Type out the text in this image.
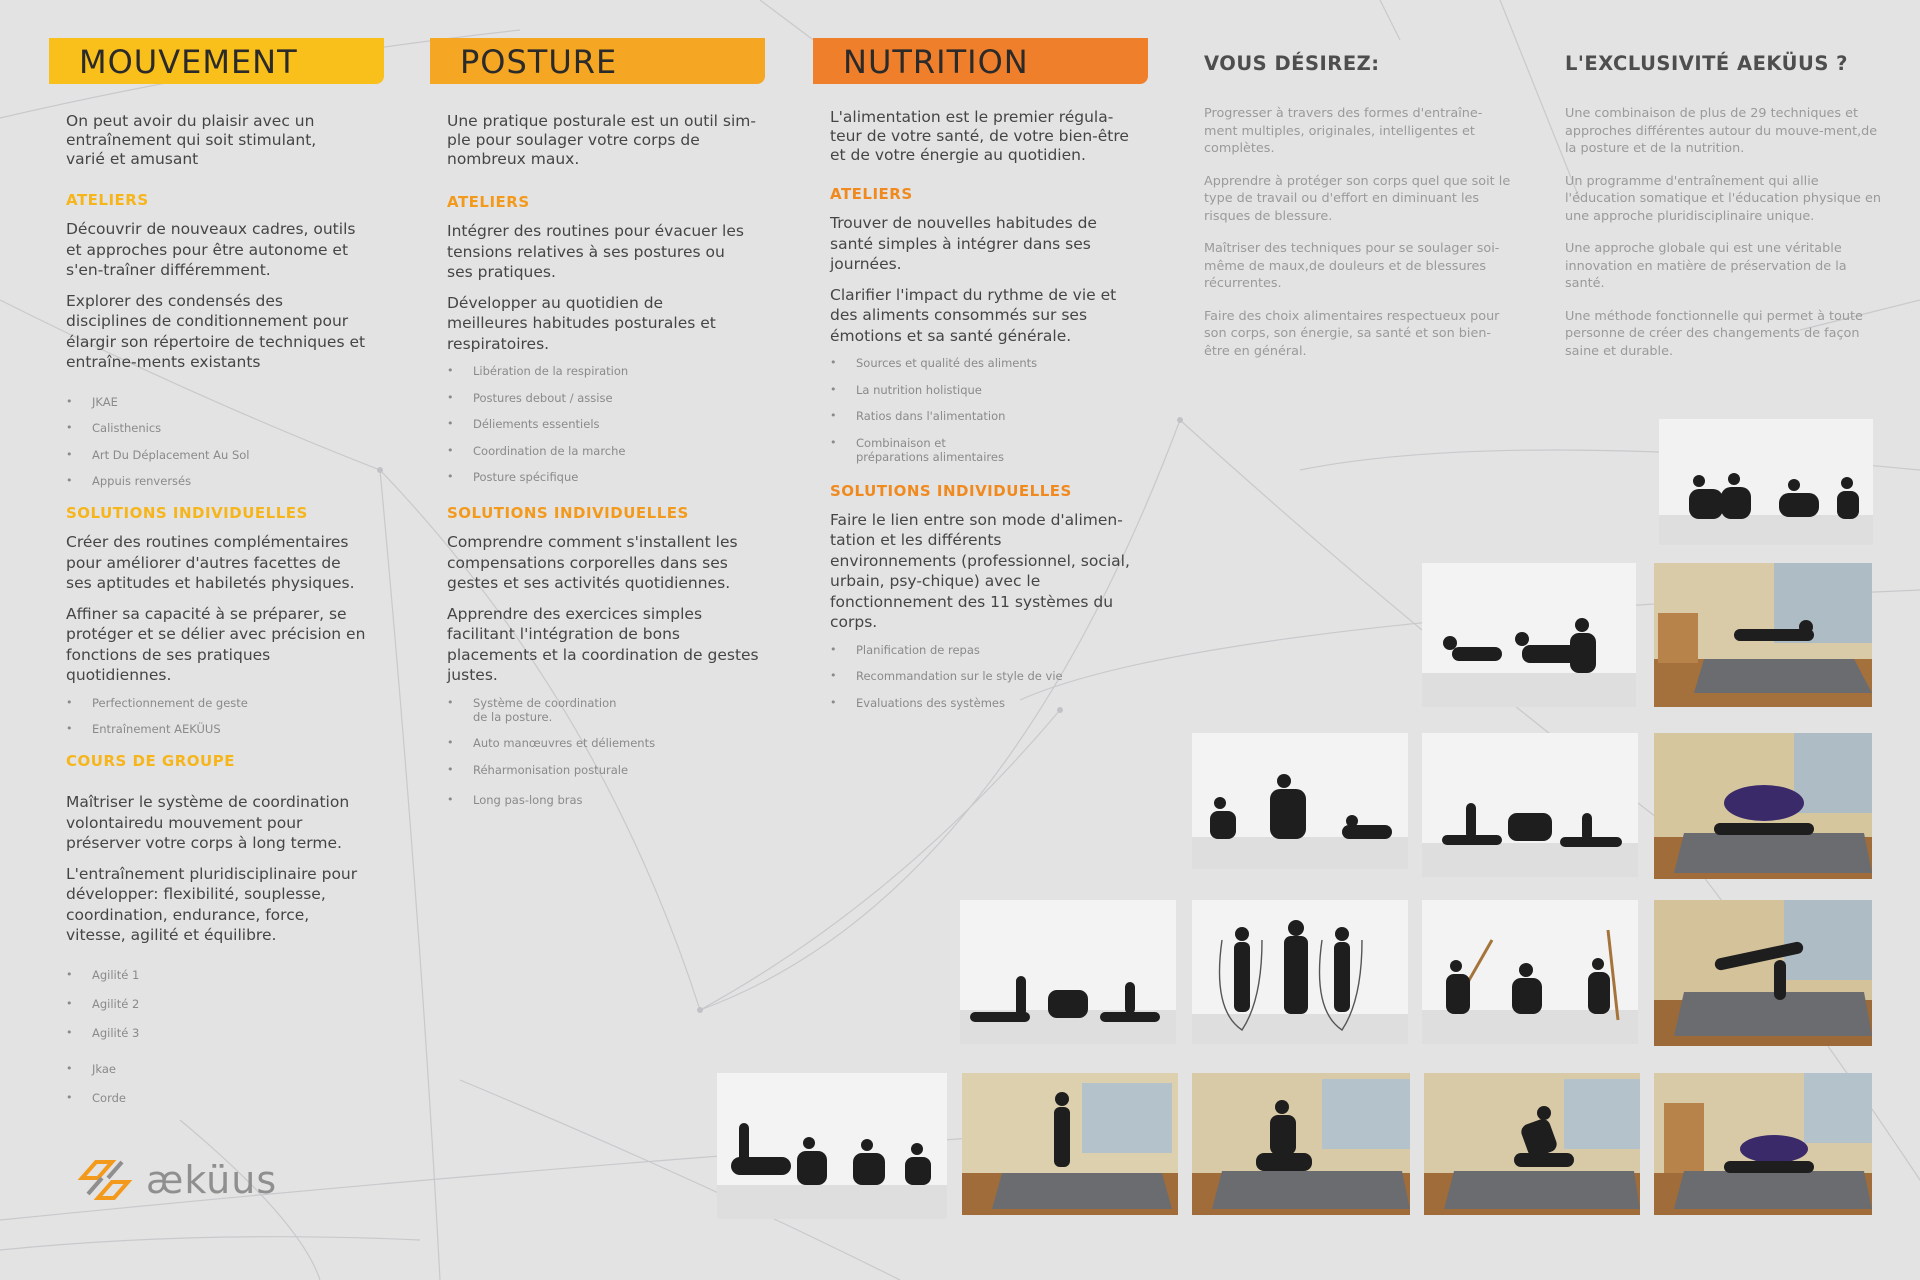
MOUVEMENT
On peut avoir du plaisir avec un entraînement qui soit stimulant, varié et amusant
ATELIERS
Découvrir de nouveaux cadres, outils et approches pour être autonome et s'en-traîner différemment.
Explorer des condensés des disciplines de conditionnement pour élargir son répertoire de techniques et entraîne-ments existants
• JKAE
• Calisthenics
• Art Du Déplacement Au Sol
• Appuis renversés
SOLUTIONS INDIVIDUELLES
Créer des routines complémentaires pour améliorer d'autres facettes de ses aptitudes et habiletés physiques.
Affiner sa capacité à se préparer, se protéger et se délier avec précision en fonctions de ses pratiques quotidiennes.
• Perfectionnement de geste
• Entraînement AEKÜUS
COURS DE GROUPE
Maîtriser le système de coordination volontairedu mouvement pour préserver votre corps à long terme.
L'entraînement pluridisciplinaire pour développer: flexibilité, souplesse, coordination, endurance, force, vitesse, agilité et équilibre.
• Agilité 1
• Agilité 2
• Agilité 3
• Jkae
• Corde
POSTURE
Une pratique posturale est un outil sim-ple pour soulager votre corps de nombreux maux.
ATELIERS
Intégrer des routines pour évacuer les tensions relatives à ses postures ou ses pratiques.
Développer au quotidien de meilleures habitudes posturales et respiratoires.
• Libération de la respiration
• Postures debout / assise
• Déliements essentiels
• Coordination de la marche
• Posture spécifique
SOLUTIONS INDIVIDUELLES
Comprendre comment s'installent les compensations corporelles dans ses gestes et ses activités quotidiennes.
Apprendre des exercices simples facilitant l'intégration de bons placements et la coordination de gestes justes.
• Système de coordination de la posture.
• Auto manœuvres et déliements
• Réharmonisation posturale
• Long pas-long bras
NUTRITION
L'alimentation est le premier régula-teur de votre santé, de votre bien-être et de votre énergie au quotidien.
ATELIERS
Trouver de nouvelles habitudes de santé simples à intégrer dans ses journées.
Clarifier l'impact du rythme de vie et des aliments consommés sur ses émotions et sa santé générale.
• Sources et qualité des aliments
• La nutrition holistique
• Ratios dans l'alimentation
• Combinaison et préparations alimentaires
SOLUTIONS INDIVIDUELLES
Faire le lien entre son mode d'alimen-tation et les différents environnements (professionnel, social, urbain, psy-chique) avec le fonctionnement des 11 systèmes du corps.
• Planification de repas
• Recommandation sur le style de vie
• Evaluations des systèmes
VOUS DÉSIREZ:
Progresser à travers des formes d'entraîne-ment multiples, originales, intelligentes et complètes.
Apprendre à protéger son corps quel que soit le type de travail ou d'effort en diminuant les risques de blessure.
Maîtriser des techniques pour se soulager soi-même de maux,de douleurs et de blessures récurrentes.
Faire des choix alimentaires respectueux pour son corps, son énergie, sa santé et son bien-être en général.
L'EXCLUSIVITÉ AEKÜUS ?
Une combinaison de plus de 29 techniques et approches différentes autour du mouve-ment,de la posture et de la nutrition.
Un programme d'entraînement qui allie l'éducation somatique et l'éducation physique en une approche pluridisciplinaire unique.
Une approche globale qui est une véritable innovation en matière de préservation de la santé.
Une méthode fonctionnelle qui permet à toute personne de créer des changements de façon saine et durable.
æküus
